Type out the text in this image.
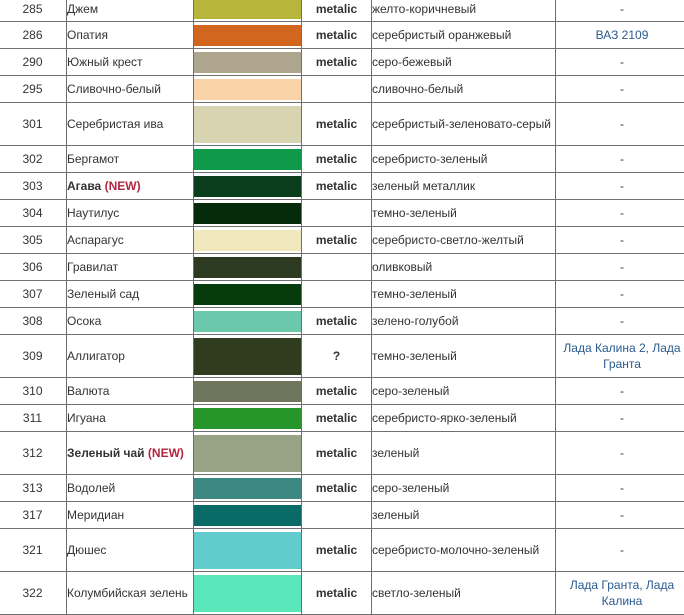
285	Джем		metalic	желто-коричневый	-
286	Опатия		metalic	серебристый оранжевый	ВАЗ 2109
290	Южный крест		metalic	серо-бежевый	-
295	Сливочно-белый			сливочно-белый	-
301	Серебристая ива		metalic	серебристый-зеленовато-серый	-
302	Бергамот		metalic	серебристо-зеленый	-
303	Агава (NEW)		metalic	зеленый металлик	-
304	Наутилус			темно-зеленый	-
305	Аспарагус		metalic	серебристо-светло-желтый	-
306	Гравилат			оливковый	-
307	Зеленый сад			темно-зеленый	-
308	Осока		metalic	зелено-голубой	-
309	Аллигатор		?	темно-зеленый	Лада Калина 2, Лада Гранта
310	Валюта		metalic	серо-зеленый	-
311	Игуана		metalic	серебристо-ярко-зеленый	-
312	Зеленый чай (NEW)		metalic	зеленый	-
313	Водолей		metalic	серо-зеленый	-
317	Меридиан			зеленый	-
321	Дюшес		metalic	серебристо-молочно-зеленый	-
322	Колумбийская зелень		metalic	светло-зеленый	Лада Гранта, Лада Калина
